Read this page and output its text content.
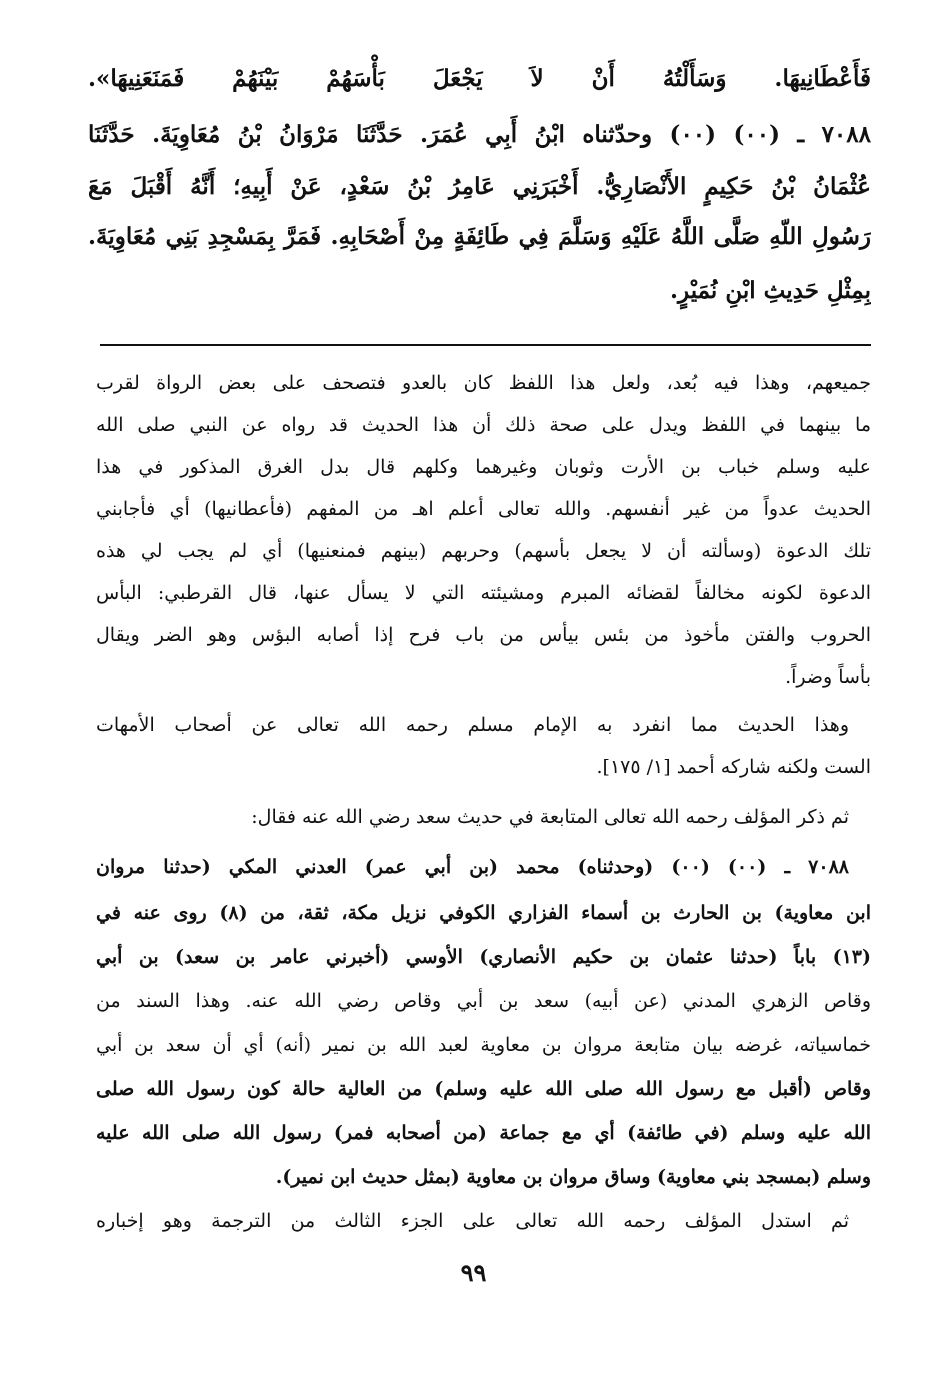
فَأَعْطَانِيهَا. وَسَأَلْتُهُ أَنْ لاَ يَجْعَلَ بَأْسَهُمْ بَيْنَهُمْ فَمَنَعَنِيهَا».
٧٠٨٨ ـ (٠٠) (٠٠) وحدّثناه ابْنُ أَبِي عُمَرَ. حَدَّثَنَا مَرْوَانُ بْنُ مُعَاوِيَةَ. حَدَّثَنَا
عُثْمَانُ بْنُ حَكِيمٍ الأَنْصَارِيُّ. أَخْبَرَنِي عَامِرُ بْنُ سَعْدٍ، عَنْ أَبِيهِ؛ أَنَّهُ أَقْبَلَ مَعَ
رَسُولِ اللّهِ صَلَّى اللَّهُ عَلَيْهِ وَسَلَّمَ فِي طَائِفَةٍ مِنْ أَصْحَابِهِ. فَمَرَّ بِمَسْجِدِ بَنِي مُعَاوِيَةَ.
بِمِثْلِ حَدِيثِ ابْنِ نُمَيْرٍ.
جميعهم، وهذا فيه بُعد، ولعل هذا اللفظ كان بالعدو فتصحف على بعض الرواة لقرب
ما بينهما في اللفظ ويدل على صحة ذلك أن هذا الحديث قد رواه عن النبي صلى الله
عليه وسلم خباب بن الأرت وثوبان وغيرهما وكلهم قال بدل الغرق المذكور في هذا
الحديث عدواً من غير أنفسهم. والله تعالى أعلم اهـ من المفهم (فأعطانيها) أي فأجابني
تلك الدعوة (وسألته أن لا يجعل بأسهم) وحربهم (بينهم فمنعنيها) أي لم يجب لي هذه
الدعوة لكونه مخالفاً لقضائه المبرم ومشيئته التي لا يسأل عنها، قال القرطبي: البأس
الحروب والفتن مأخوذ من بئس بيأس من باب فرح إذا أصابه البؤس وهو الضر ويقال
بأساً وضراً.
وهذا الحديث مما انفرد به الإمام مسلم رحمه الله تعالى عن أصحاب الأمهات
الست ولكنه شاركه أحمد [١/ ١٧٥].
ثم ذكر المؤلف رحمه الله تعالى المتابعة في حديث سعد رضي الله عنه فقال:
٧٠٨٨ ـ (٠٠) (٠٠) (وحدثناه) محمد (بن أبي عمر) العدني المكي (حدثنا مروان
ابن معاوية) بن الحارث بن أسماء الفزاري الكوفي نزيل مكة، ثقة، من (٨) روى عنه في
(١٣) باباً (حدثنا عثمان بن حكيم الأنصاري) الأوسي (أخبرني عامر بن سعد) بن أبي
وقاص الزهري المدني (عن أبيه) سعد بن أبي وقاص رضي الله عنه. وهذا السند من
خماسياته، غرضه بيان متابعة مروان بن معاوية لعبد الله بن نمير (أنه) أي أن سعد بن أبي
وقاص (أقبل مع رسول الله صلى الله عليه وسلم) من العالية حالة كون رسول الله صلى
الله عليه وسلم (في طائفة) أي مع جماعة (من أصحابه فمر) رسول الله صلى الله عليه
وسلم (بمسجد بني معاوية) وساق مروان بن معاوية (بمثل حديث ابن نمير).
ثم استدل المؤلف رحمه الله تعالى على الجزء الثالث من الترجمة وهو إخباره
٩٩
